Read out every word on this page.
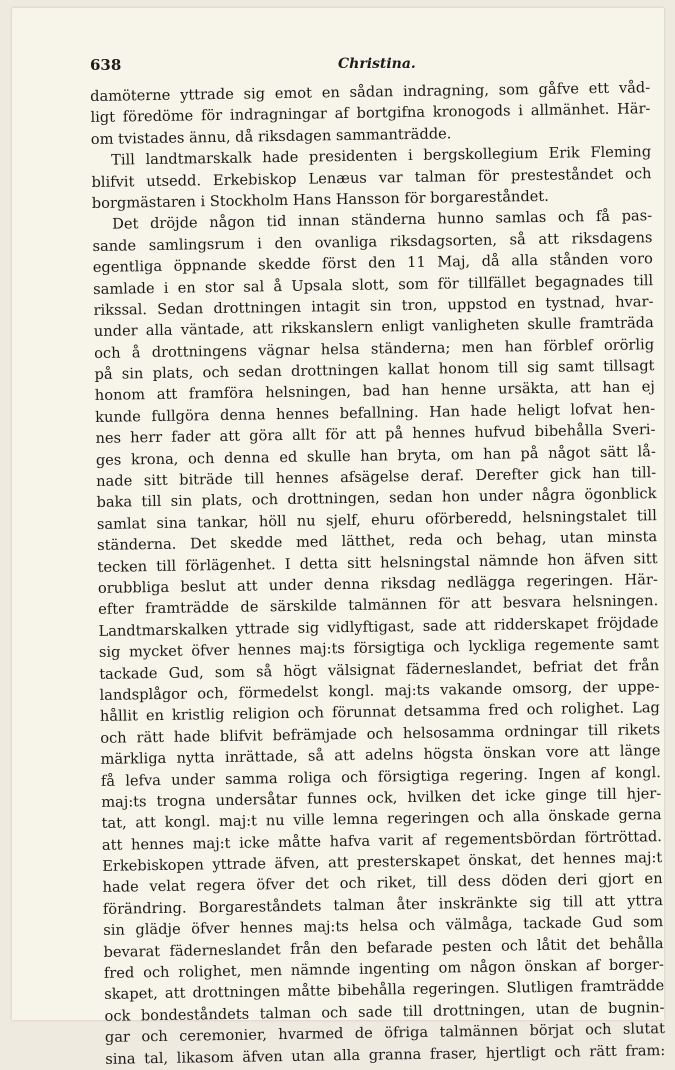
638	Christina.
damöterne yttrade sig emot en sådan indragning, som gåfve ett våd-
ligt föredöme för indragningar af bortgifna kronogods i allmänhet. Här-
om tvistades ännu, då riksdagen sammanträdde.
Till landtmarskalk hade presidenten i bergskollegium Erik Fleming
blifvit utsedd. Erkebiskop Lenæus var talman för presteståndet och
borgmästaren i Stockholm Hans Hansson för borgareståndet.
Det dröjde någon tid innan ständerna hunno samlas och få pas-
sande samlingsrum i den ovanliga riksdagsorten, så att riksdagens
egentliga öppnande skedde först den 11 Maj, då alla stånden voro
samlade i en stor sal å Upsala slott, som för tillfället begagnades till
rikssal. Sedan drottningen intagit sin tron, uppstod en tystnad, hvar-
under alla väntade, att rikskanslern enligt vanligheten skulle framträda
och å drottningens vägnar helsa ständerna; men han förblef orörlig
på sin plats, och sedan drottningen kallat honom till sig samt tillsagt
honom att framföra helsningen, bad han henne ursäkta, att han ej
kunde fullgöra denna hennes befallning. Han hade heligt lofvat hen-
nes herr fader att göra allt för att på hennes hufvud bibehålla Sveri-
ges krona, och denna ed skulle han bryta, om han på något sätt lå-
nade sitt biträde till hennes afsägelse deraf. Derefter gick han till-
baka till sin plats, och drottningen, sedan hon under några ögonblick
samlat sina tankar, höll nu sjelf, ehuru oförberedd, helsningstalet till
ständerna. Det skedde med lätthet, reda och behag, utan minsta
tecken till förlägenhet. I detta sitt helsningstal nämnde hon äfven sitt
orubbliga beslut att under denna riksdag nedlägga regeringen. Här-
efter framträdde de särskilde talmännen för att besvara helsningen.
Landtmarskalken yttrade sig vidlyftigast, sade att ridderskapet fröjdade
sig mycket öfver hennes maj:ts försigtiga och lyckliga regemente samt
tackade Gud, som så högt välsignat fäderneslandet, befriat det från
landsplågor och, förmedelst kongl. maj:ts vakande omsorg, der uppe-
hållit en kristlig religion och förunnat detsamma fred och rolighet. Lag
och rätt hade blifvit befrämjade och helsosamma ordningar till rikets
märkliga nytta inrättade, så att adelns högsta önskan vore att länge
få lefva under samma roliga och försigtiga regering. Ingen af kongl.
maj:ts trogna undersåtar funnes ock, hvilken det icke ginge till hjer-
tat, att kongl. maj:t nu ville lemna regeringen och alla önskade gerna
att hennes maj:t icke måtte hafva varit af regementsbördan förtröttad.
Erkebiskopen yttrade äfven, att presterskapet önskat, det hennes maj:t
hade velat regera öfver det och riket, till dess döden deri gjort en
förändring. Borgareståndets talman åter inskränkte sig till att yttra
sin glädje öfver hennes maj:ts helsa och välmåga, tackade Gud som
bevarat fäderneslandet från den befarade pesten och låtit det behålla
fred och rolighet, men nämnde ingenting om någon önskan af borger-
skapet, att drottningen måtte bibehålla regeringen. Slutligen framträdde
ock bondeståndets talman och sade till drottningen, utan de bugnin-
gar och ceremonier, hvarmed de öfriga talmännen börjat och slutat
sina tal, likasom äfven utan alla granna fraser, hjertligt och rätt fram:
